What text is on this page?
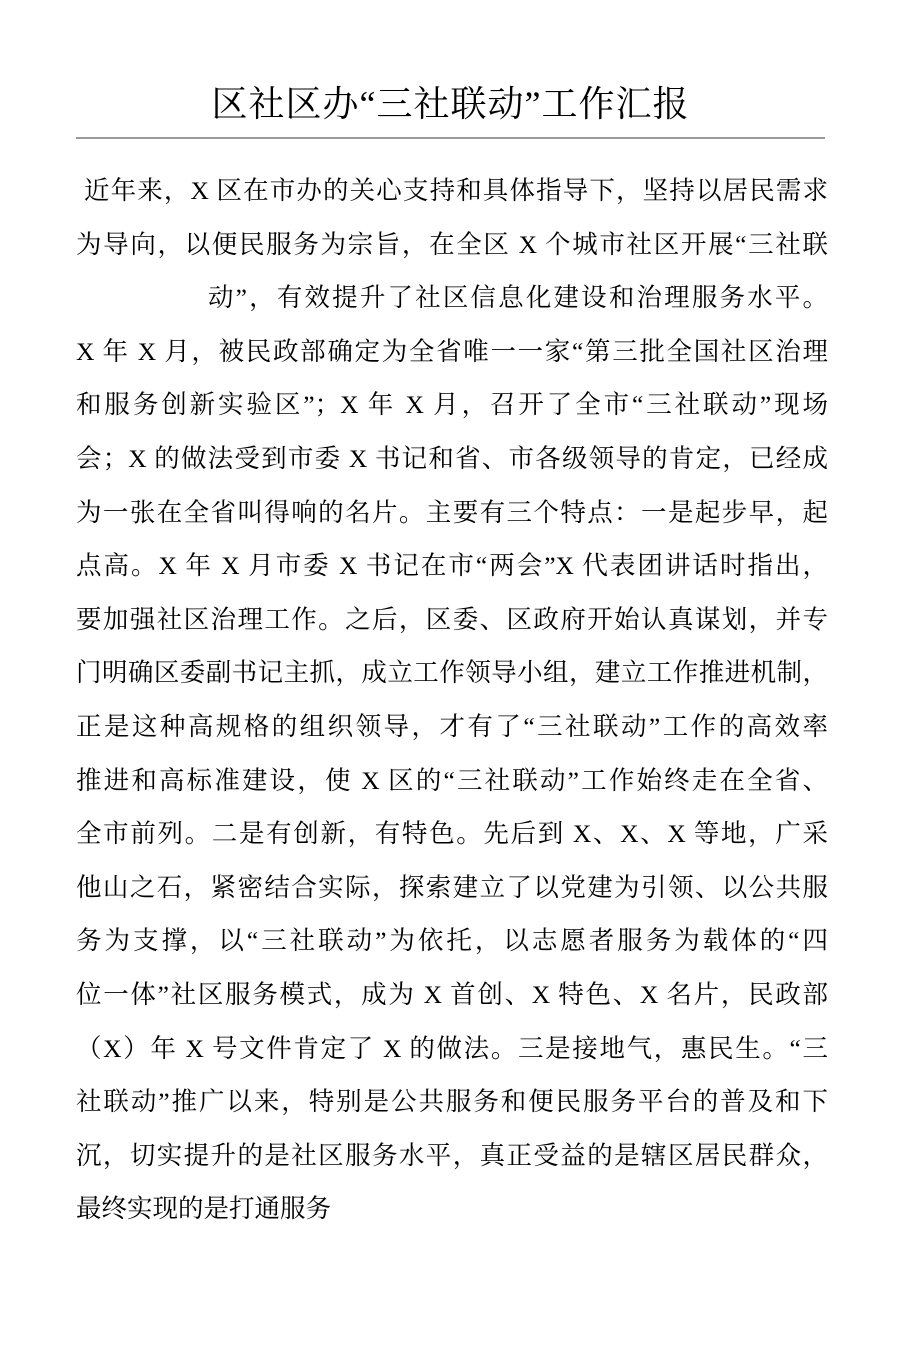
区社区办“三社联动”工作汇报
近年来，X 区在市办的关心支持和具体指导下，坚持以居民需求
为导向，以便民服务为宗旨，在全区 X 个城市社区开展“三社联
动”，有效提升了社区信息化建设和治理服务水平。
X 年 X 月，被民政部确定为全省唯一一家“第三批全国社区治理
和服务创新实验区”；X 年 X 月，召开了全市“三社联动”现场
会；X 的做法受到市委 X 书记和省、市各级领导的肯定，已经成
为一张在全省叫得响的名片。主要有三个特点：一是起步早，起
点高。X 年 X 月市委 X 书记在市“两会”X 代表团讲话时指出，
要加强社区治理工作。之后，区委、区政府开始认真谋划，并专
门明确区委副书记主抓，成立工作领导小组，建立工作推进机制，
正是这种高规格的组织领导，才有了“三社联动”工作的高效率
推进和高标准建设，使 X 区的“三社联动”工作始终走在全省、
全市前列。二是有创新，有特色。先后到 X、X、X 等地，广采
他山之石，紧密结合实际，探索建立了以党建为引领、以公共服
务为支撑，以“三社联动”为依托，以志愿者服务为载体的“四
位一体”社区服务模式，成为 X 首创、X 特色、X 名片，民政部
（X）年 X 号文件肯定了 X 的做法。三是接地气，惠民生。“三
社联动”推广以来，特别是公共服务和便民服务平台的普及和下
沉，切实提升的是社区服务水平，真正受益的是辖区居民群众，
最终实现的是打通服务
